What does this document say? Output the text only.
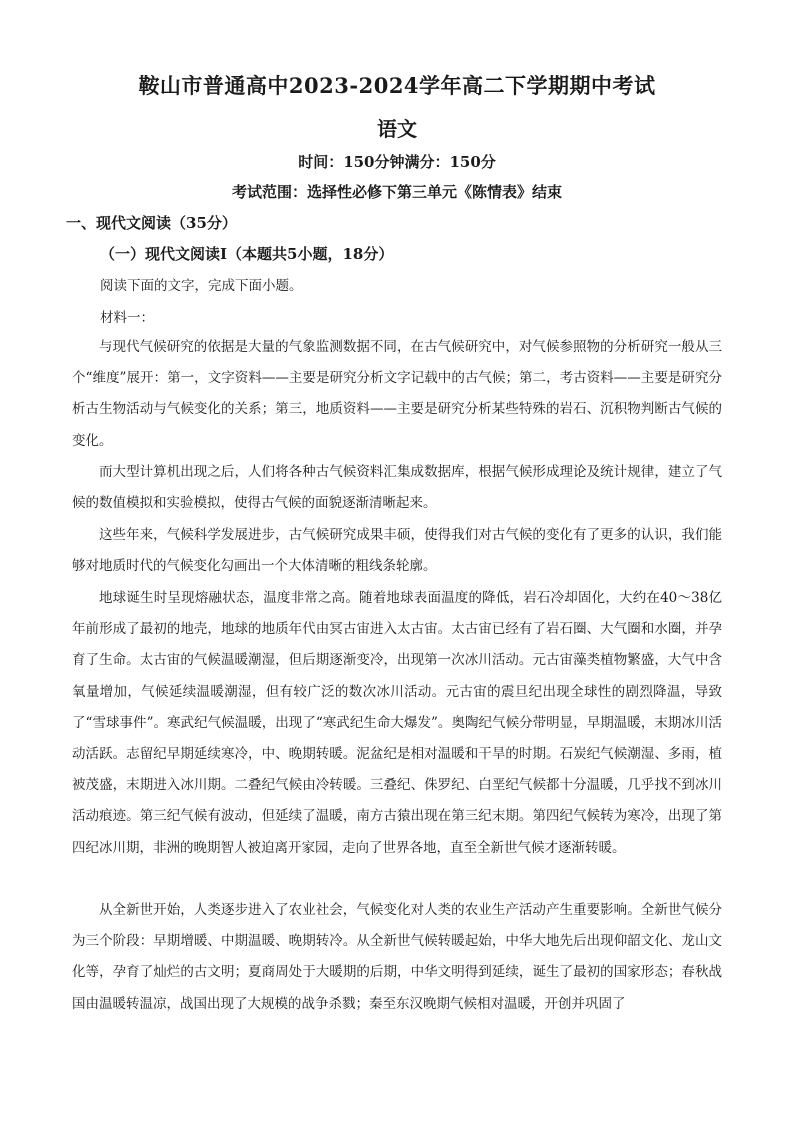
鞍山市普通高中2023-2024学年高二下学期期中考试
语文
时间：150分钟满分：150分
考试范围：选择性必修下第三单元《陈情表》结束
一、现代文阅读（35分）
（一）现代文阅读Ⅰ（本题共5小题，18分）
阅读下面的文字，完成下面小题。
材料一：

与现代气候研究的依据是大量的气象监测数据不同，在古气候研究中，对气候参照物的分析研究一般从三个“维度”展开：第一，文字资料——主要是研究分析文字记载中的古气候；第二，考古资料——主要是研究分析古生物活动与气候变化的关系；第三，地质资料——主要是研究分析某些特殊的岩石、沉积物判断古气候的变化。

而大型计算机出现之后，人们将各种古气候资料汇集成数据库，根据气候形成理论及统计规律，建立了气候的数值模拟和实验模拟，使得古气候的面貌逐渐清晰起来。

这些年来，气候科学发展进步，古气候研究成果丰硕，使得我们对古气候的变化有了更多的认识，我们能够对地质时代的气候变化勾画出一个大体清晰的粗线条轮廓。

地球诞生时呈现熔融状态，温度非常之高。随着地球表面温度的降低，岩石冷却固化，大约在40～38亿年前形成了最初的地壳，地球的地质年代由冥古宙进入太古宙。太古宙已经有了岩石圈、大气圈和水圈，并孕育了生命。太古宙的气候温暖潮湿，但后期逐渐变冷，出现第一次冰川活动。元古宙藻类植物繁盛，大气中含氧量增加，气候延续温暖潮湿，但有较广泛的数次冰川活动。元古宙的震旦纪出现全球性的剧烈降温，导致了“雪球事件”。寒武纪气候温暖，出现了“寒武纪生命大爆发”。奥陶纪气候分带明显，早期温暖，末期冰川活动活跃。志留纪早期延续寒冷，中、晚期转暖。泥盆纪是相对温暖和干旱的时期。石炭纪气候潮湿、多雨，植被茂盛，末期进入冰川期。二叠纪气候由冷转暖。三叠纪、侏罗纪、白垩纪气候都十分温暖，几乎找不到冰川活动痕迹。第三纪气候有波动，但延续了温暖，南方古猿出现在第三纪末期。第四纪气候转为寒冷，出现了第四纪冰川期，非洲的晚期智人被迫离开家园，走向了世界各地，直至全新世气候才逐渐转暖。

从全新世开始，人类逐步进入了农业社会，气候变化对人类的农业生产活动产生重要影响。全新世气候分为三个阶段：早期增暖、中期温暖、晚期转冷。从全新世气候转暖起始，中华大地先后出现仰韶文化、龙山文化等，孕育了灿烂的古文明；夏商周处于大暖期的后期，中华文明得到延续，诞生了最初的国家形态；春秋战国由温暖转温凉，战国出现了大规模的战争杀戮；秦至东汉晚期气候相对温暖，开创并巩固了
